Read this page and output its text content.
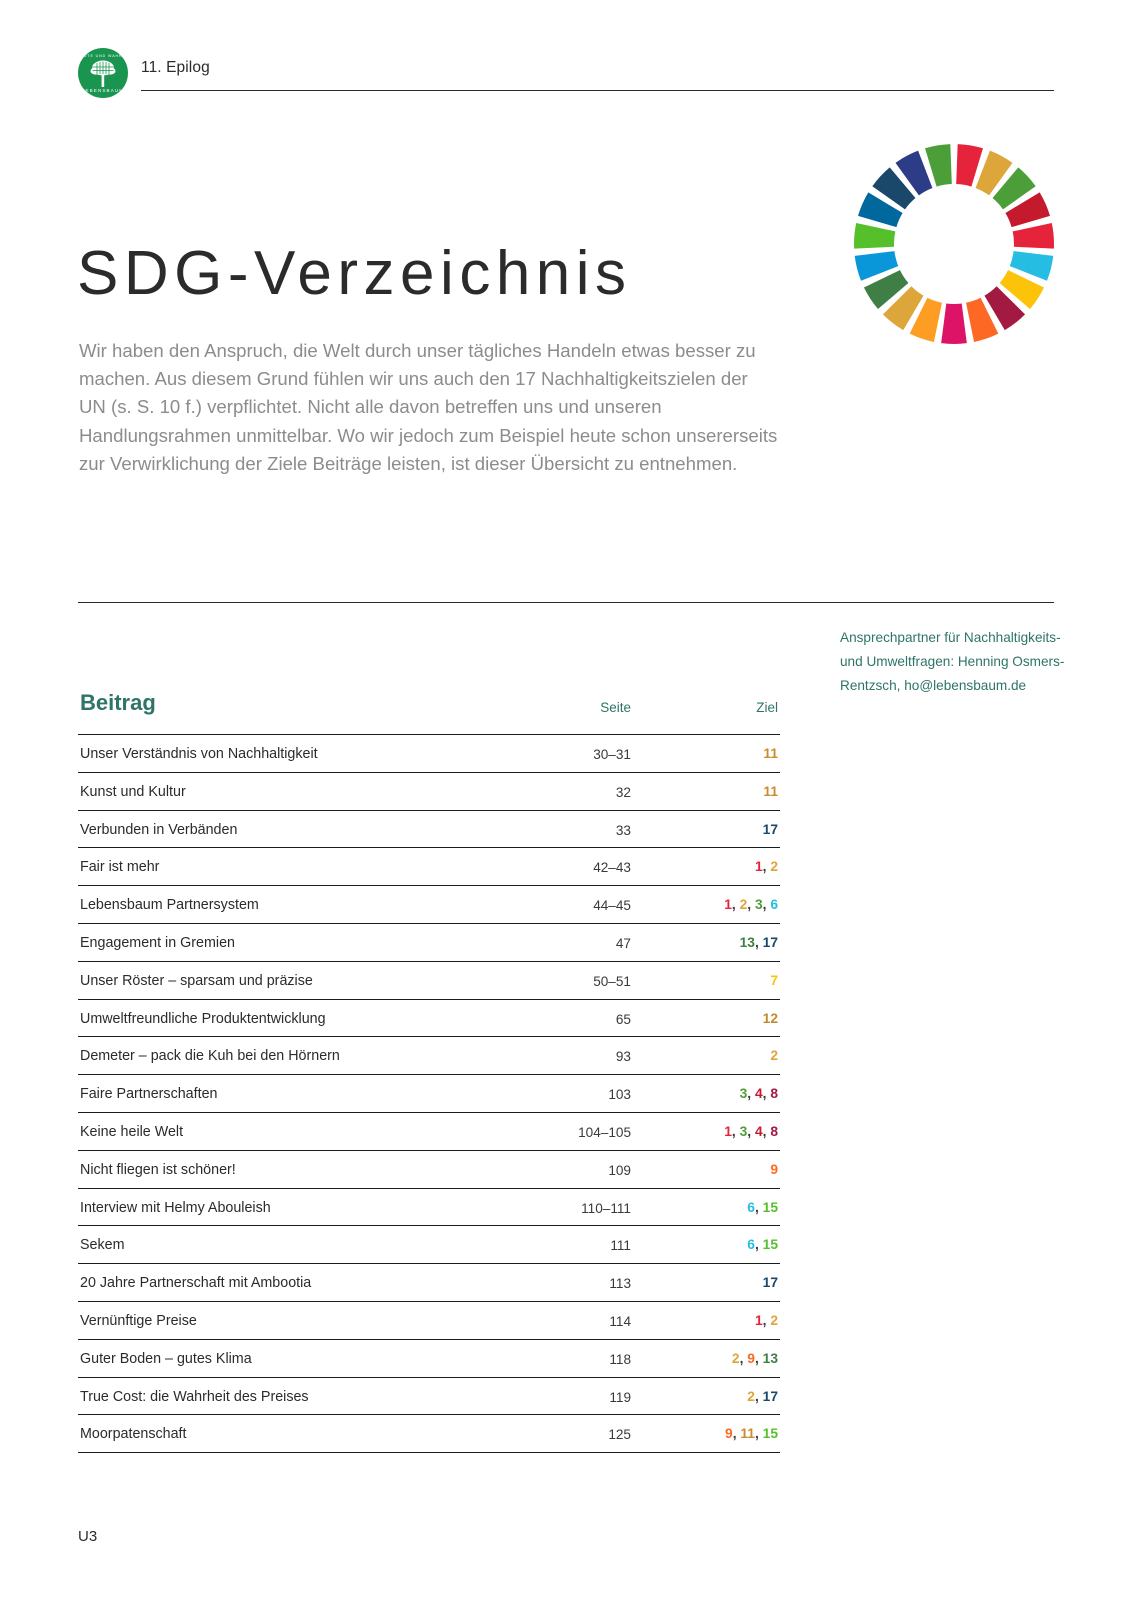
GUTE UND WAHRE
LEBENSBAUM
11. Epilog
SDG-Verzeichnis

Wir haben den Anspruch, die Welt durch unser tägliches Handeln etwas besser zu machen. Aus diesem Grund fühlen wir uns auch den 17 Nachhaltigkeitszielen der UN (s. S. 10 f.) verpflichtet. Nicht alle davon betreffen uns und unseren Handlungsrahmen unmittelbar. Wo wir jedoch zum Beispiel heute schon unsererseits zur Verwirklichung der Ziele Beiträge leisten, ist dieser Übersicht zu entnehmen.

Ansprechpartner für Nachhaltigkeits- und Umweltfragen: Henning Osmers-Rentzsch, ho@lebensbaum.de
Beitrag	Seite	Ziel
Unser Verständnis von Nachhaltigkeit	30–31	11
Kunst und Kultur	32	11
Verbunden in Verbänden	33	17
Fair ist mehr	42–43	1, 2
Lebensbaum Partnersystem	44–45	1, 2, 3, 6
Engagement in Gremien	47	13, 17
Unser Röster – sparsam und präzise	50–51	7
Umweltfreundliche Produktentwicklung	65	12
Demeter – pack die Kuh bei den Hörnern	93	2
Faire Partnerschaften	103	3, 4, 8
Keine heile Welt	104–105	1, 3, 4, 8
Nicht fliegen ist schöner!	109	9
Interview mit Helmy Abouleish	110–111	6, 15
Sekem	111	6, 15
20 Jahre Partnerschaft mit Ambootia	113	17
Vernünftige Preise	114	1, 2
Guter Boden – gutes Klima	118	2, 9, 13
True Cost: die Wahrheit des Preises	119	2, 17
Moorpatenschaft	125	9, 11, 15
U3
